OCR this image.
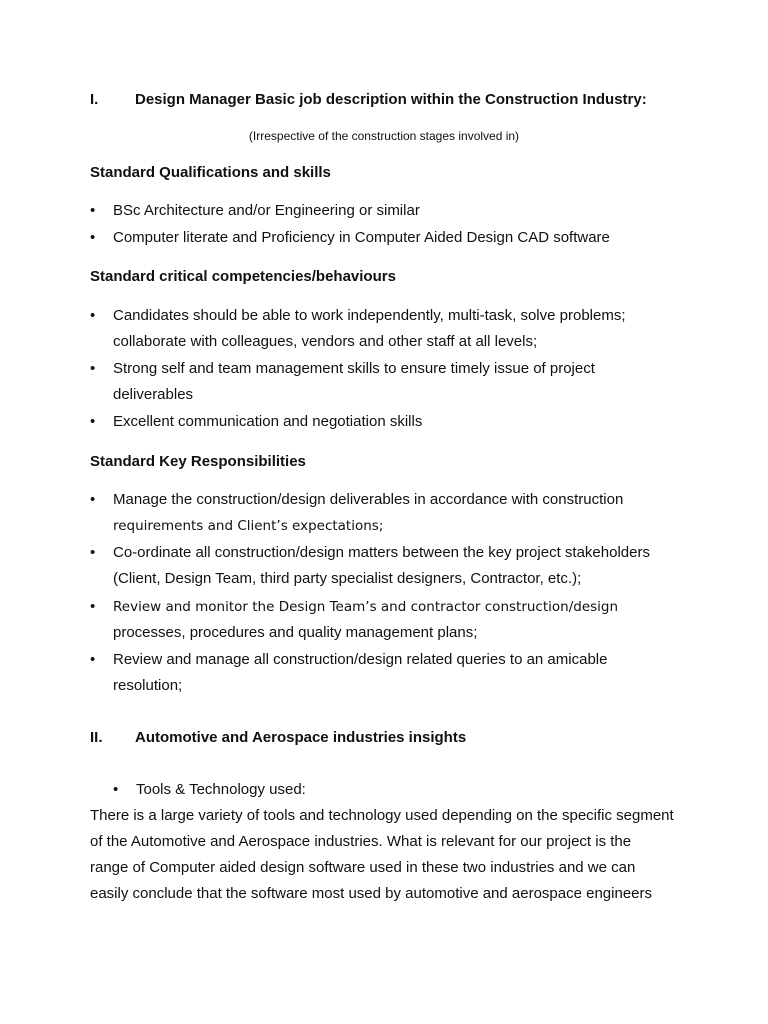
I. Design Manager Basic job description within the Construction Industry:
(Irrespective of the construction stages involved in)
Standard Qualifications and skills
•	BSc Architecture and/or Engineering or similar
•	Computer literate and Proficiency in Computer Aided Design CAD software
Standard critical competencies/behaviours
•	Candidates should be able to work independently, multi-task, solve problems;
collaborate with colleagues, vendors and other staff at all levels;
•	Strong self and team management skills to ensure timely issue of project
deliverables
•	Excellent communication and negotiation skills
Standard Key Responsibilities
•	Manage the construction/design deliverables in accordance with construction
requirements and Client’s expectations;
•	Co-ordinate all construction/design matters between the key project stakeholders
(Client, Design Team, third party specialist designers, Contractor, etc.);
•	Review and monitor the Design Team’s and contractor construction/design
processes, procedures and quality management plans;
•	Review and manage all construction/design related queries to an amicable
resolution;
II. Automotive and Aerospace industries insights
•	Tools & Technology used:
There is a large variety of tools and technology used depending on the specific segment
of the Automotive and Aerospace industries. What is relevant for our project is the
range of Computer aided design software used in these two industries and we can
easily conclude that the software most used by automotive and aerospace engineers
